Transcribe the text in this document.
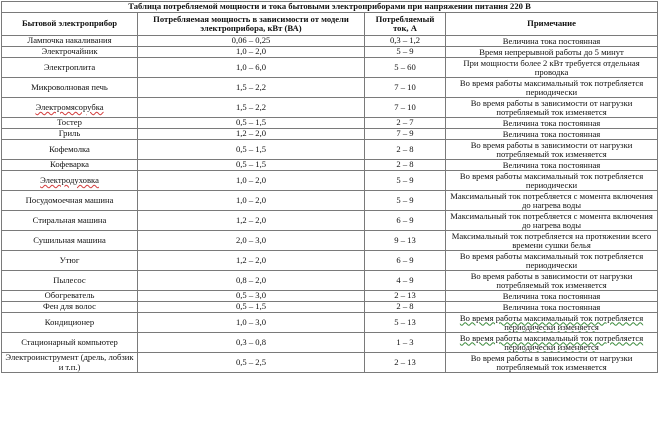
Таблица потребляемой мощности и тока бытовыми электроприборами при напряжении питания 220 В			
Бытовой электроприбор	Потребляемая мощность в зависимости от модели электроприбора, кВт (ВА)	Потребляемый ток, А	Примечание
Лампочка накаливания	0,06 – 0,25	0,3 – 1,2	Величина тока постоянная
Электрочайник	1,0 – 2,0	5 – 9	Время непрерывной работы до 5 минут
Электроплита	1,0 – 6,0	5 – 60	При мощности более 2 кВт требуется отдельная проводка
Микроволновая печь	1,5 – 2,2	7 – 10	Во время работы максимальный ток потребляется периодически
Электромясорубка	1,5 – 2,2	7 – 10	Во время работы в зависимости от нагрузки потребляемый ток изменяется
Тостер	0,5 – 1,5	2 – 7	Величина тока постоянная
Гриль	1,2 – 2,0	7 – 9	Величина тока постоянная
Кофемолка	0,5 – 1,5	2 – 8	Во время работы в зависимости от нагрузки потребляемый ток изменяется
Кофеварка	0,5 – 1,5	2 – 8	Величина тока постоянная
Электродуховка	1,0 – 2,0	5 – 9	Во время работы максимальный ток потребляется периодически
Посудомоечная машина	1,0 – 2,0	5 – 9	Максимальный ток потребляется с момента включения до нагрева воды
Стиральная машина	1,2 – 2,0	6 – 9	Максимальный ток потребляется с момента включения до нагрева воды
Сушильная машина	2,0 – 3,0	9 – 13	Максимальный ток потребляется на протяжении всего времени сушки белья
Утюг	1,2 – 2,0	6 – 9	Во время работы максимальный ток потребляется периодически
Пылесос	0,8 – 2,0	4 – 9	Во время работы в зависимости от нагрузки потребляемый ток изменяется
Обогреватель	0,5 – 3,0	2 – 13	Величина тока постоянная
Фен для волос	0,5 – 1,5	2 – 8	Величина тока постоянная
Кондиционер	1,0 – 3,0	5 – 13	Во время работы максимальный ток потребляется периодически изменяется
Стационарный компьютер	0,3 – 0,8	1 – 3	Во время работы максимальный ток потребляется периодически изменяется
Электроинструмент (дрель, лобзик и т.п.)	0,5 – 2,5	2 – 13	Во время работы в зависимости от нагрузки потребляемый ток изменяется
